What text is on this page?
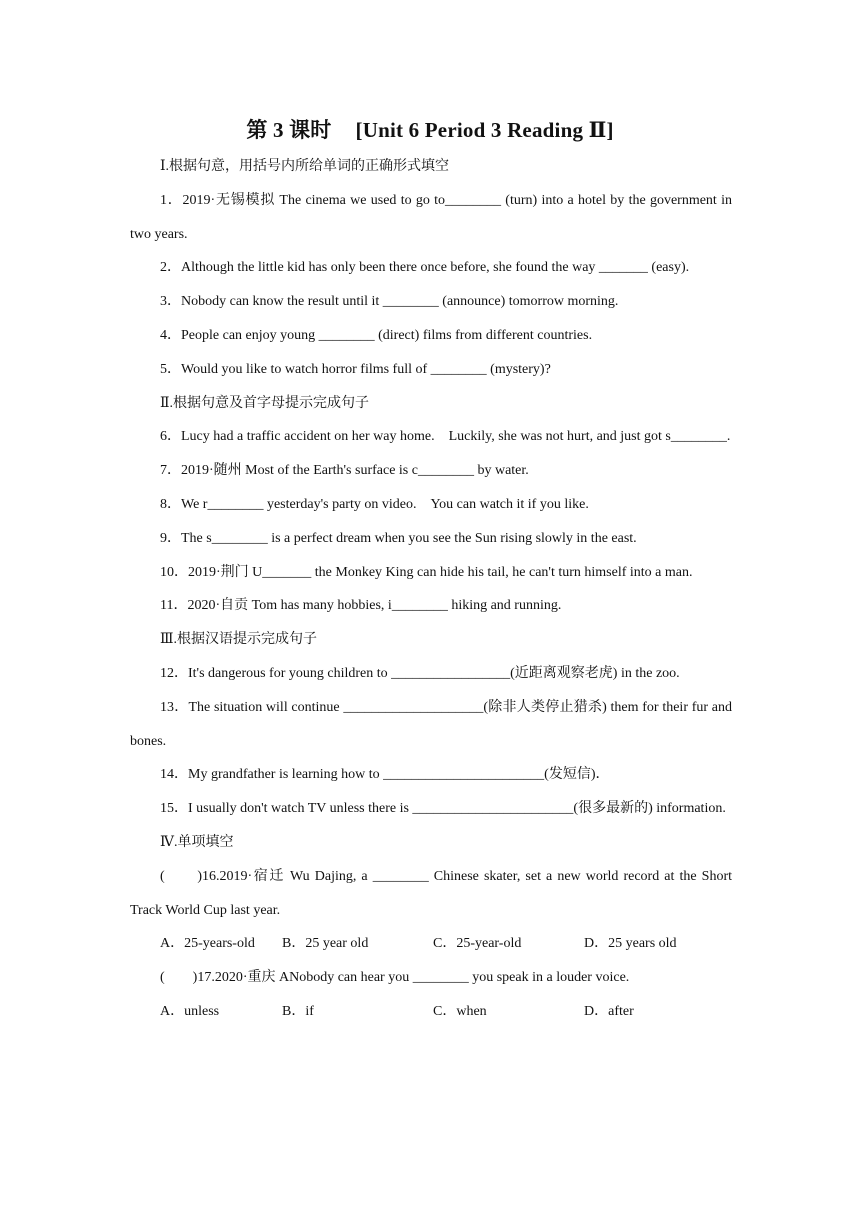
第 3 课时 [Unit 6 Period 3 Reading Ⅱ]

Ⅰ.根据句意，用括号内所给单词的正确形式填空

1．2019·无锡模拟 The cinema we used to go to________ (turn) into a hotel by the government in two years.

2．Although the little kid has only been there once before, she found the way _______ (easy).

3．Nobody can know the result until it ________ (announce) tomorrow morning.

4．People can enjoy young ________ (direct) films from different countries.

5．Would you like to watch horror films full of ________ (mystery)?

Ⅱ.根据句意及首字母提示完成句子

6．Lucy had a traffic accident on her way home.　Luckily, she was not hurt, and just got s________.

7．2019·随州 Most of the Earth's surface is c________ by water.

8．We r________ yesterday's party on video.　You can watch it if you like.

9．The s________ is a perfect dream when you see the Sun rising slowly in the east.

10．2019·荆门 U_______ the Monkey King can hide his tail, he can't turn himself into a man.

11．2020·自贡 Tom has many hobbies, i________ hiking and running.

Ⅲ.根据汉语提示完成句子

12．It's dangerous for young children to _________________(近距离观察老虎) in the zoo.

13．The situation will continue ____________________(除非人类停止猎杀) them for their fur and bones.

14．My grandfather is learning how to _______________________(发短信)．

15．I usually don't watch TV unless there is _______________________(很多最新的) information.

Ⅳ.单项填空

(　　)16.2019·宿迁 Wu Dajing, a ________ Chinese skater, set a new world record at the Short Track World Cup last year.

A．25-years-old B．25 year old	C．25-year-old	D．25 years old

(　　)17.2020·重庆 ANobody can hear you ________ you speak in a louder voice.

A．unless	B．if	C．when	D．after
